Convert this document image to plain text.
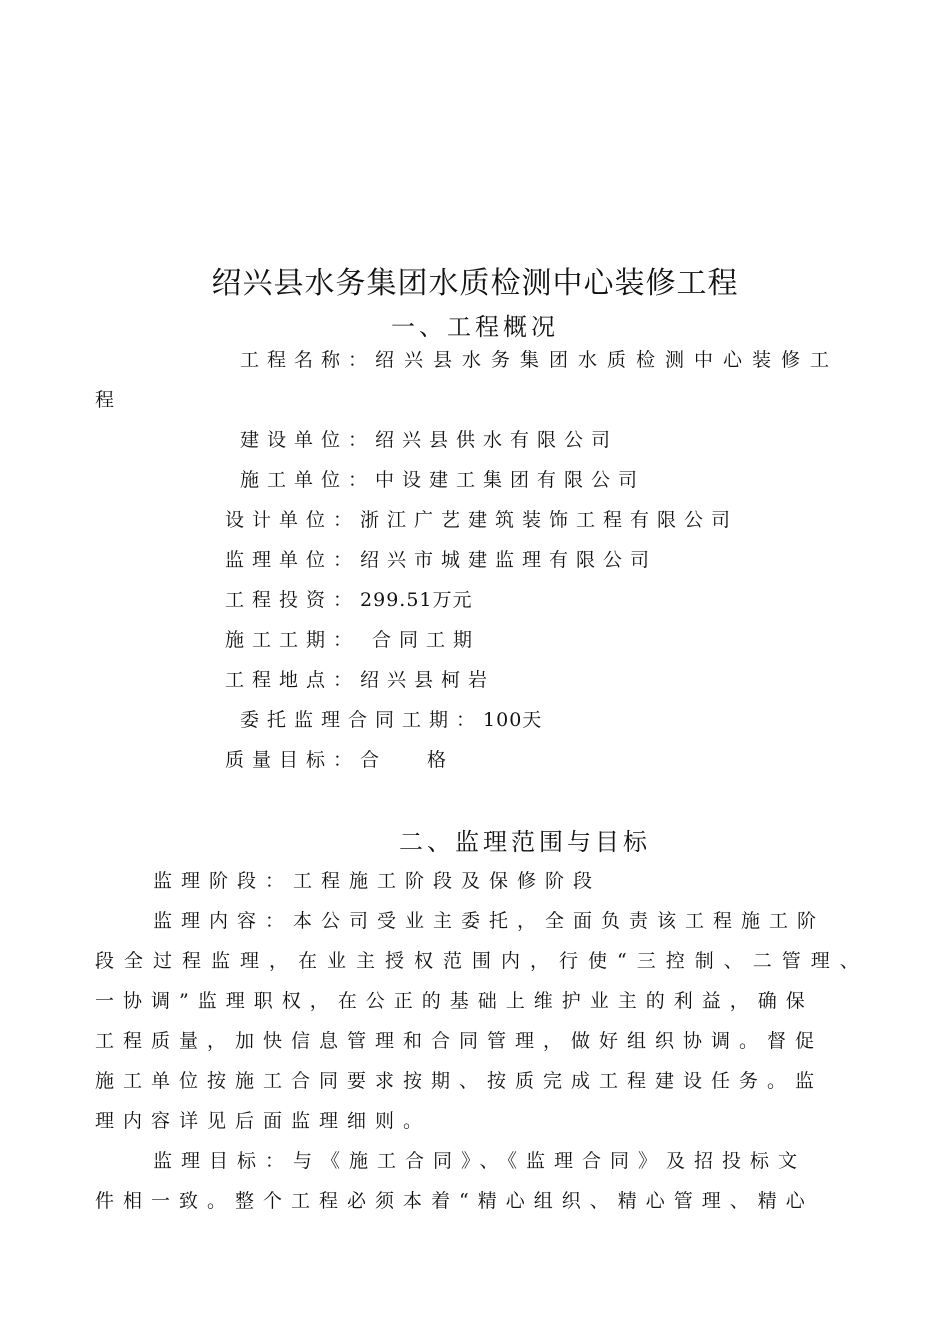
绍兴县水务集团水质检测中心装修工程
一、工程概况
工程名称：绍兴县水务集团水质检测中心装修工
程
建设单位：绍兴县供水有限公司
施工单位：中设建工集团有限公司
设计单位：浙江广艺建筑装饰工程有限公司
监理单位：绍兴市城建监理有限公司
工程投资：299.51万元
施工工期： 合同工期
工程地点：绍兴县柯岩
委托监理合同工期：100天
质量目标：合 格
二、监理范围与目标
监理阶段：工程施工阶段及保修阶段
监理内容：本公司受业主委托，全面负责该工程施工阶
段全过程监理，在业主授权范围内，行使“三控制、二管理、
一协调”监理职权，在公正的基础上维护业主的利益，确保
工程质量，加快信息管理和合同管理，做好组织协调。督促
施工单位按施工合同要求按期、按质完成工程建设任务。监
理内容详见后面监理细则。
监理目标：与《施工合同》、《监理合同》及招投标文
件相一致。整个工程必须本着“精心组织、精心管理、精心
